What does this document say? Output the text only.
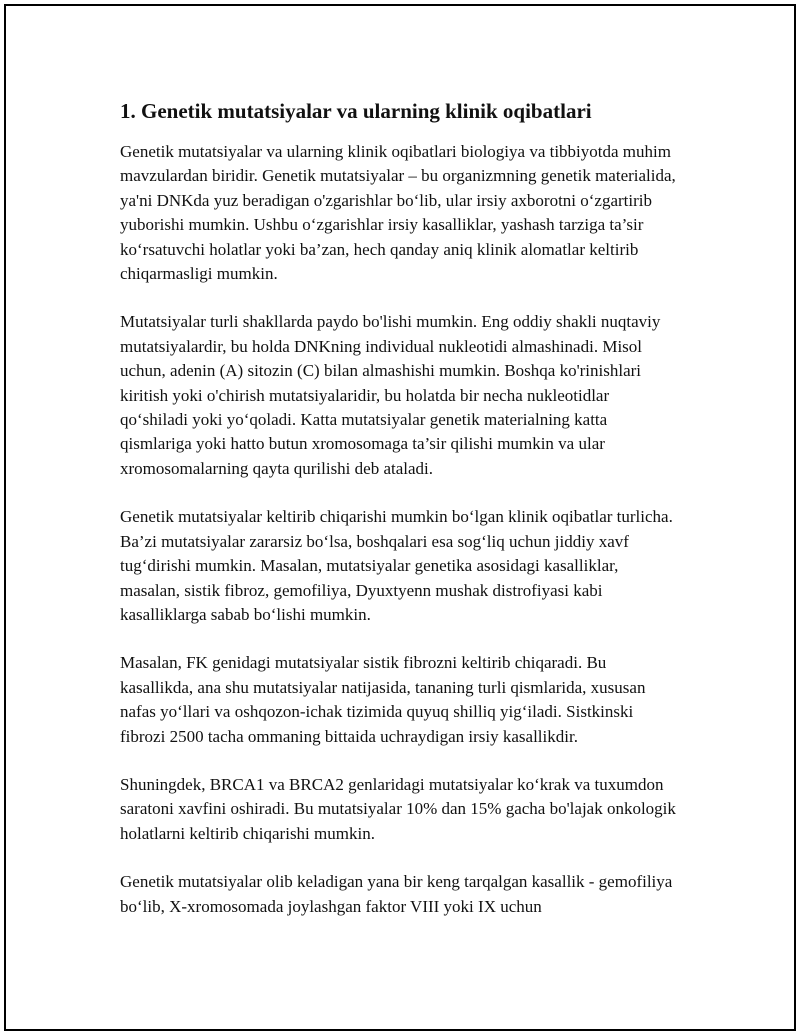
1. Genetik mutatsiyalar va ularning klinik oqibatlari

Genetik mutatsiyalar va ularning klinik oqibatlari biologiya va tibbiyotda muhim mavzulardan biridir. Genetik mutatsiyalar – bu organizmning genetik materialida, ya'ni DNKda yuz beradigan o'zgarishlar bo‘lib, ular irsiy axborotni o‘zgartirib yuborishi mumkin. Ushbu o‘zgarishlar irsiy kasalliklar, yashash tarziga ta’sir ko‘rsatuvchi holatlar yoki ba’zan, hech qanday aniq klinik alomatlar keltirib chiqarmasligi mumkin.

Mutatsiyalar turli shakllarda paydo bo'lishi mumkin. Eng oddiy shakli nuqtaviy mutatsiyalardir, bu holda DNKning individual nukleotidi almashinadi. Misol uchun, adenin (A) sitozin (C) bilan almashishi mumkin. Boshqa ko'rinishlari kiritish yoki o'chirish mutatsiyalaridir, bu holatda bir necha nukleotidlar qo‘shiladi yoki yo‘qoladi. Katta mutatsiyalar genetik materialning katta qismlariga yoki hatto butun xromosomaga ta’sir qilishi mumkin va ular xromosomalarning qayta qurilishi deb ataladi.

Genetik mutatsiyalar keltirib chiqarishi mumkin bo‘lgan klinik oqibatlar turlicha. Ba’zi mutatsiyalar zararsiz bo‘lsa, boshqalari esa sog‘liq uchun jiddiy xavf tug‘dirishi mumkin. Masalan, mutatsiyalar genetika asosidagi kasalliklar, masalan, sistik fibroz, gemofiliya, Dyuxtyenn mushak distrofiyasi kabi kasalliklarga sabab bo‘lishi mumkin.

Masalan, FK genidagi mutatsiyalar sistik fibrozni keltirib chiqaradi. Bu kasallikda, ana shu mutatsiyalar natijasida, tananing turli qismlarida, xususan nafas yo‘llari va oshqozon-ichak tizimida quyuq shilliq yig‘iladi. Sistkinski fibrozi 2500 tacha ommaning bittaida uchraydigan irsiy kasallikdir.

Shuningdek, BRCA1 va BRCA2 genlaridagi mutatsiyalar ko‘krak va tuxumdon saratoni xavfini oshiradi. Bu mutatsiyalar 10% dan 15% gacha bo'lajak onkologik holatlarni keltirib chiqarishi mumkin.

Genetik mutatsiyalar olib keladigan yana bir keng tarqalgan kasallik - gemofiliya bo‘lib, X-xromosomada joylashgan faktor VIII yoki IX uchun
